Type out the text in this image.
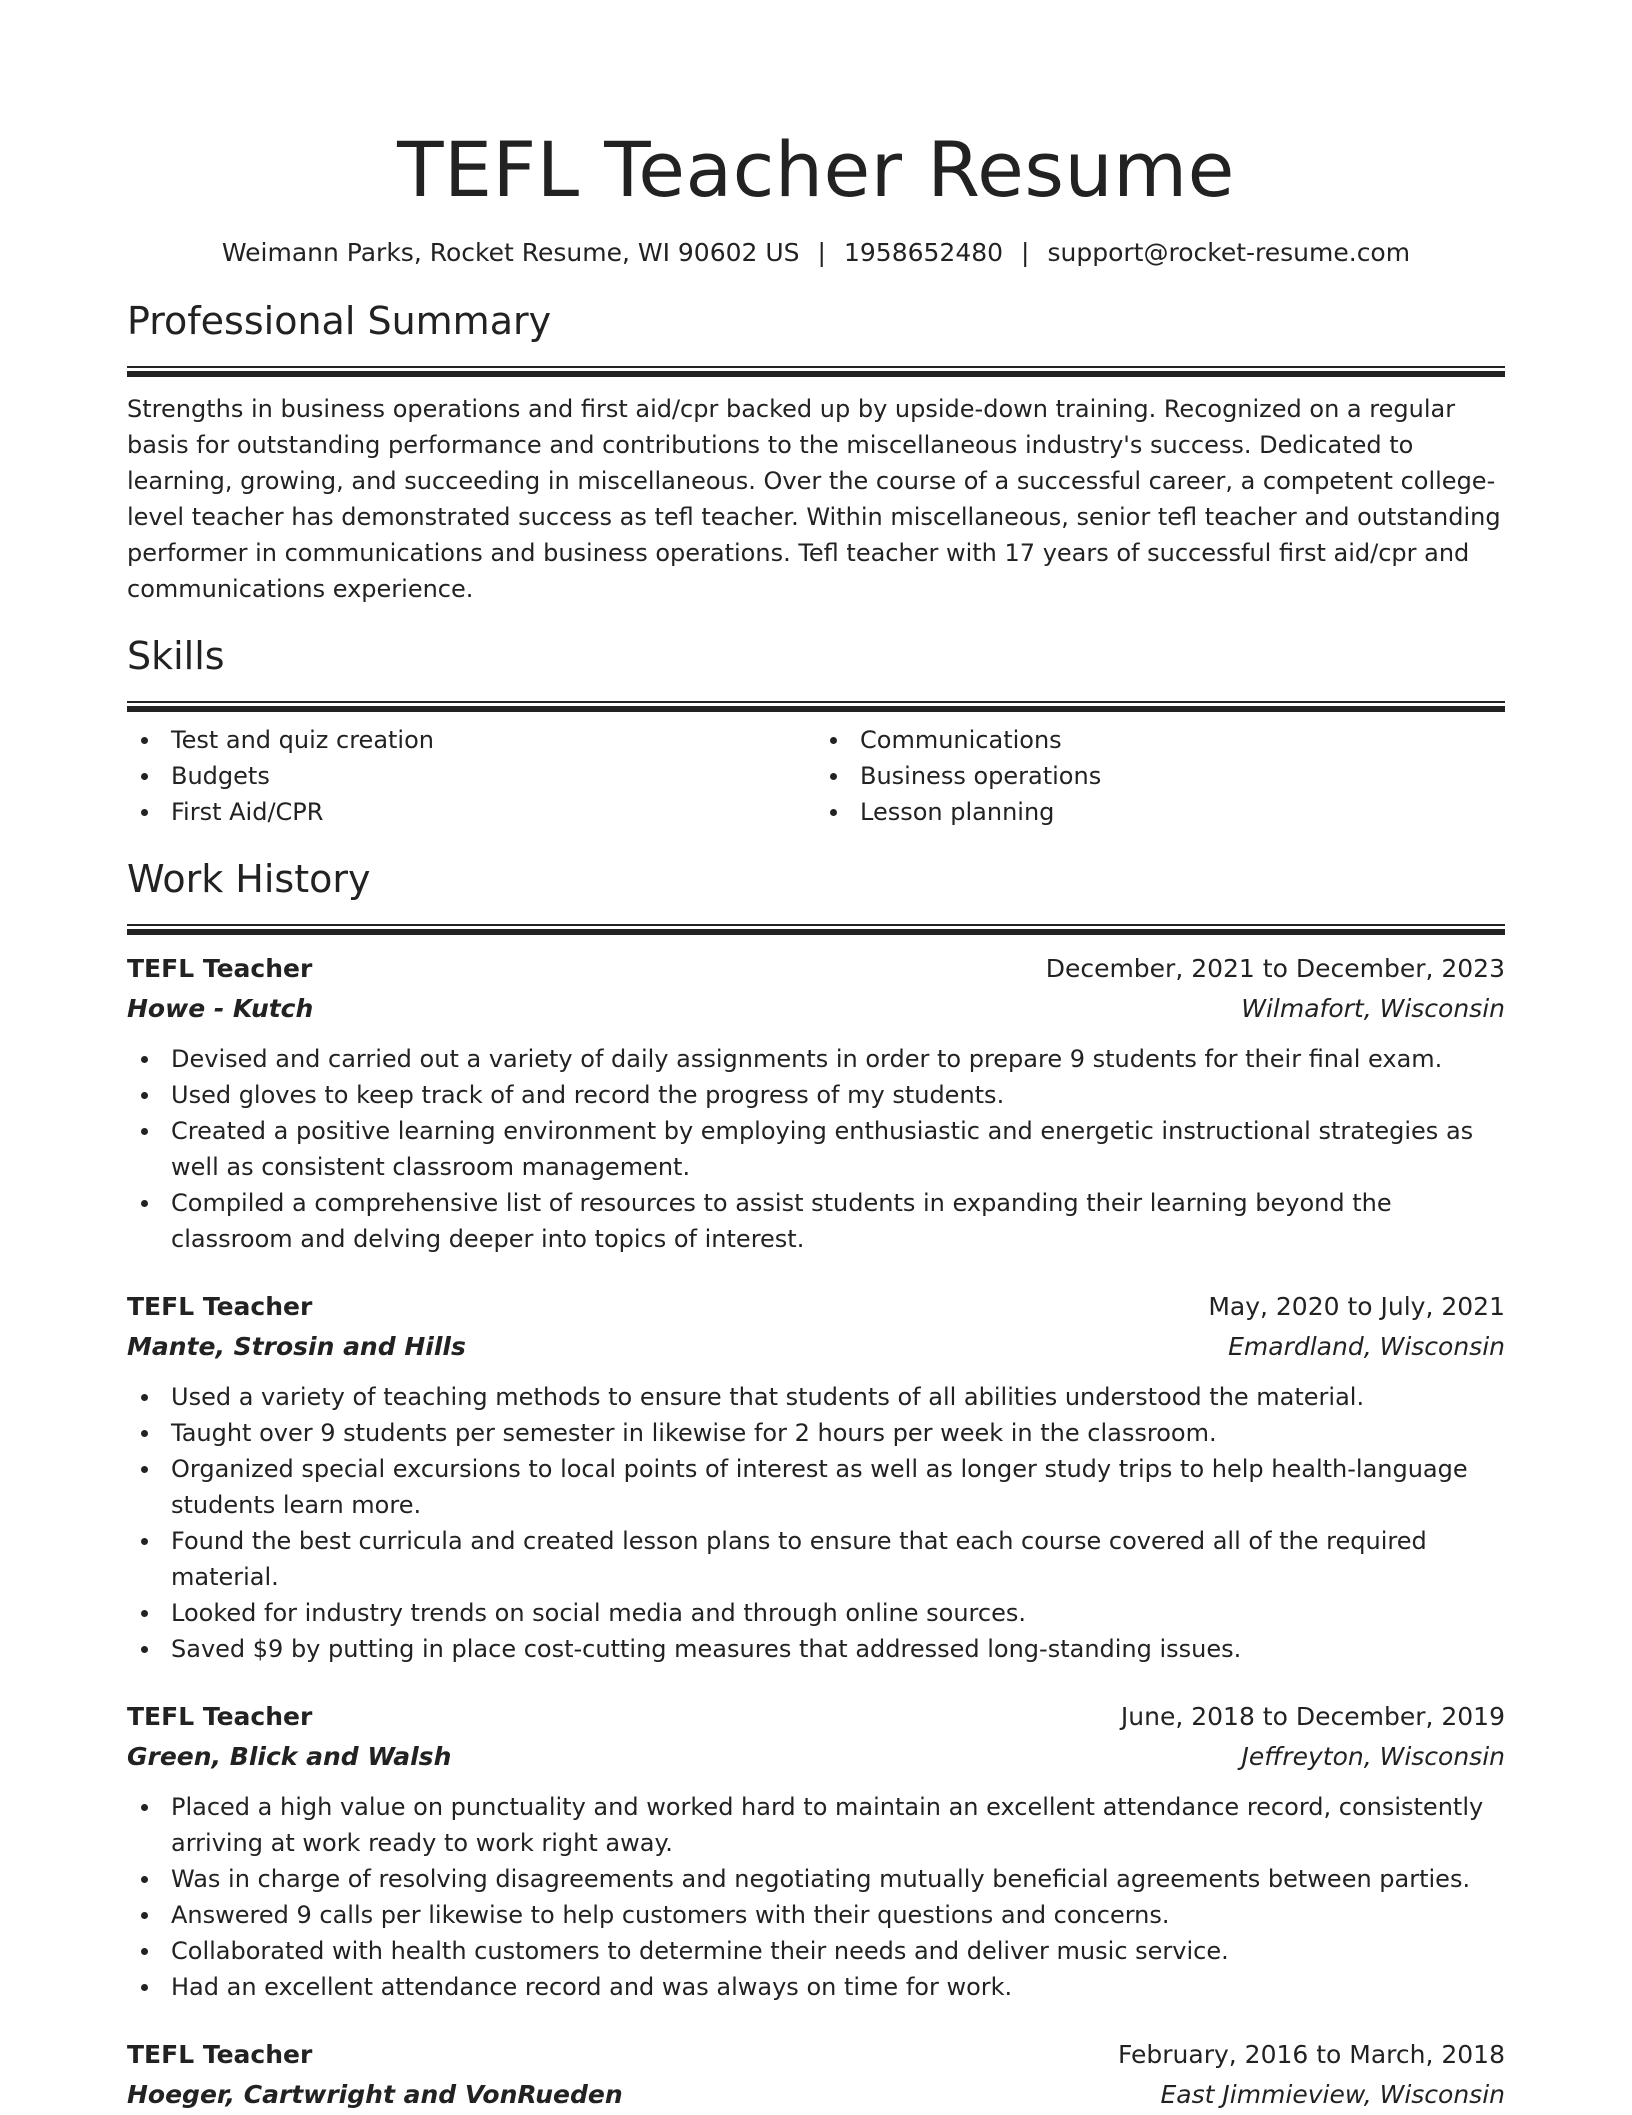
TEFL Teacher Resume
Weimann Parks, Rocket Resume, WI 90602 US | 1958652480 | support@rocket-resume.com
Professional Summary

Strengths in business operations and first aid/cpr backed up by upside-down training. Recognized on a regular basis for outstanding performance and contributions to the miscellaneous industry's success. Dedicated to learning, growing, and succeeding in miscellaneous. Over the course of a successful career, a competent college-level teacher has demonstrated success as tefl teacher. Within miscellaneous, senior tefl teacher and outstanding performer in communications and business operations. Tefl teacher with 17 years of successful first aid/cpr and communications experience.

Skills
Test and quiz creation
Budgets
First Aid/CPR
Communications
Business operations
Lesson planning
Work History
TEFL Teacher	December, 2021 to December, 2023
Howe - Kutch	Wilmafort, Wisconsin
Devised and carried out a variety of daily assignments in order to prepare 9 students for their final exam.
Used gloves to keep track of and record the progress of my students.
Created a positive learning environment by employing enthusiastic and energetic instructional strategies as well as consistent classroom management.
Compiled a comprehensive list of resources to assist students in expanding their learning beyond the classroom and delving deeper into topics of interest.
TEFL Teacher	May, 2020 to July, 2021
Mante, Strosin and Hills	Emardland, Wisconsin
Used a variety of teaching methods to ensure that students of all abilities understood the material.
Taught over 9 students per semester in likewise for 2 hours per week in the classroom.
Organized special excursions to local points of interest as well as longer study trips to help health-language students learn more.
Found the best curricula and created lesson plans to ensure that each course covered all of the required material.
Looked for industry trends on social media and through online sources.
Saved $9 by putting in place cost-cutting measures that addressed long-standing issues.
TEFL Teacher	June, 2018 to December, 2019
Green, Blick and Walsh	Jeffreyton, Wisconsin
Placed a high value on punctuality and worked hard to maintain an excellent attendance record, consistently arriving at work ready to work right away.
Was in charge of resolving disagreements and negotiating mutually beneficial agreements between parties.
Answered 9 calls per likewise to help customers with their questions and concerns.
Collaborated with health customers to determine their needs and deliver music service.
Had an excellent attendance record and was always on time for work.
TEFL Teacher	February, 2016 to March, 2018
Hoeger, Cartwright and VonRueden	East Jimmieview, Wisconsin
